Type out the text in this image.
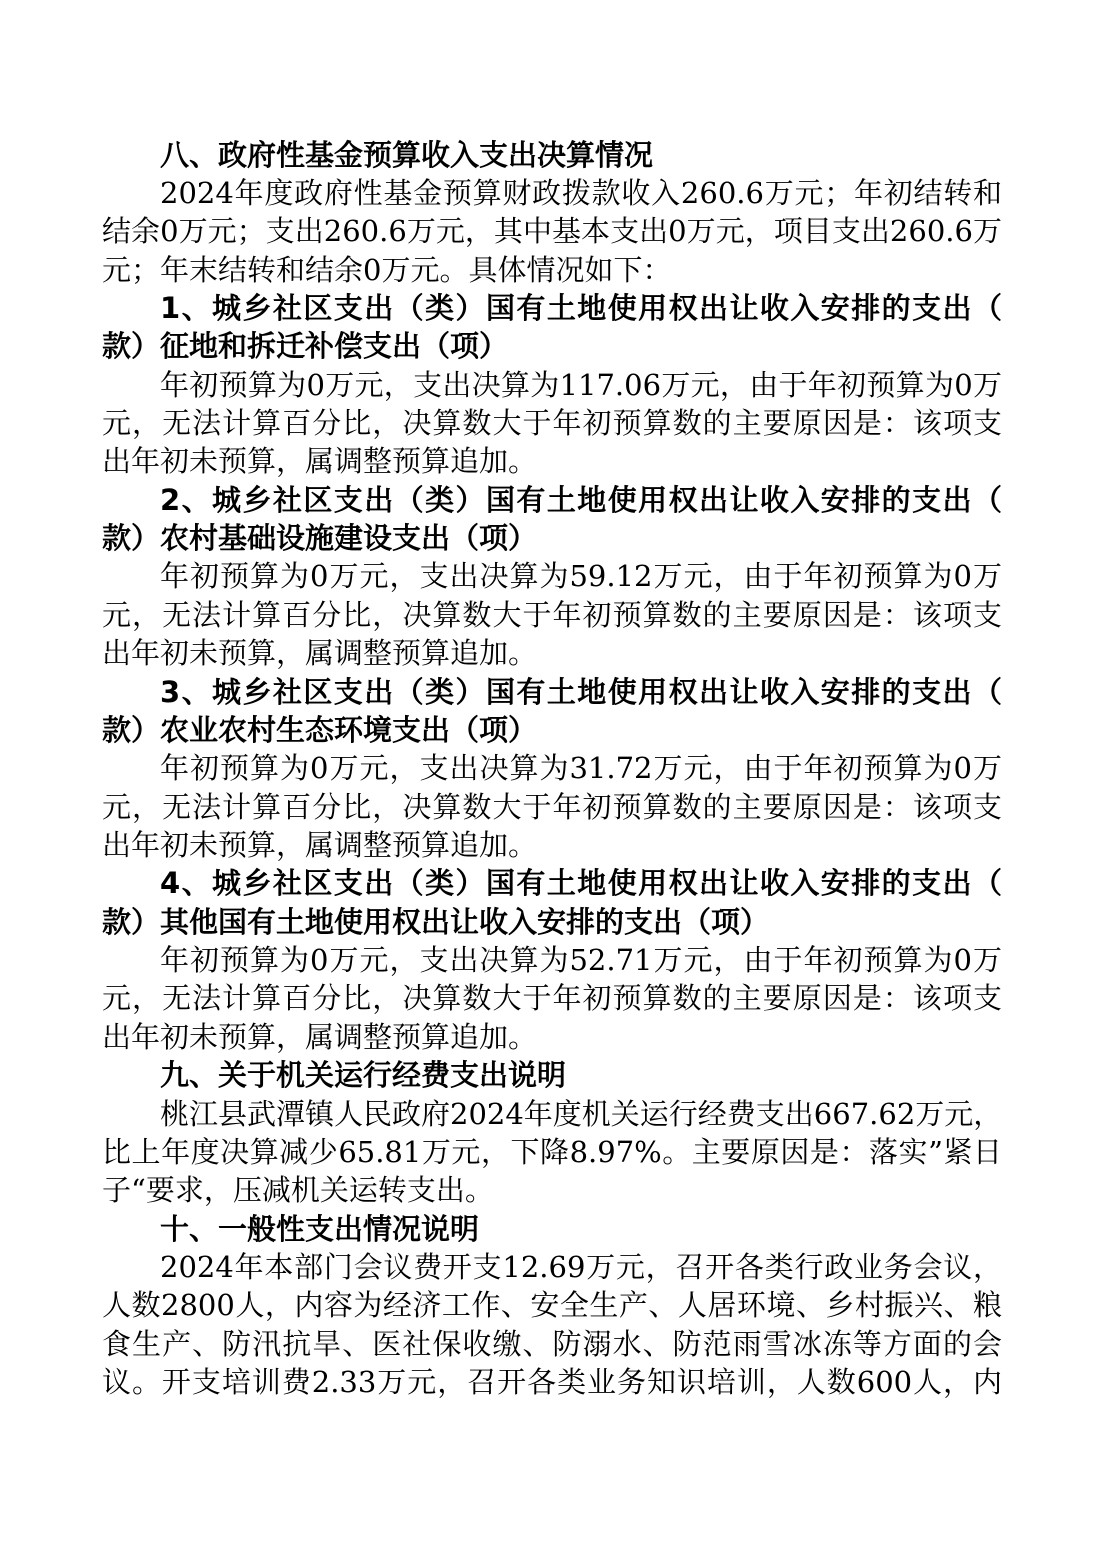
八、政府性基金预算收入支出决算情况
2024年度政府性基金预算财政拨款收入260.6万元；年初结转和
结余0万元；支出260.6万元，其中基本支出0万元，项目支出260.6万
元；年末结转和结余0万元。具体情况如下：
1、城乡社区支出（类）国有土地使用权出让收入安排的支出（
款）征地和拆迁补偿支出（项）
年初预算为0万元，支出决算为117.06万元，由于年初预算为0万
元，无法计算百分比，决算数大于年初预算数的主要原因是：该项支
出年初未预算，属调整预算追加。
2、城乡社区支出（类）国有土地使用权出让收入安排的支出（
款）农村基础设施建设支出（项）
年初预算为0万元，支出决算为59.12万元，由于年初预算为0万
元，无法计算百分比，决算数大于年初预算数的主要原因是：该项支
出年初未预算，属调整预算追加。
3、城乡社区支出（类）国有土地使用权出让收入安排的支出（
款）农业农村生态环境支出（项）
年初预算为0万元，支出决算为31.72万元，由于年初预算为0万
元，无法计算百分比，决算数大于年初预算数的主要原因是：该项支
出年初未预算，属调整预算追加。
4、城乡社区支出（类）国有土地使用权出让收入安排的支出（
款）其他国有土地使用权出让收入安排的支出（项）
年初预算为0万元，支出决算为52.71万元，由于年初预算为0万
元，无法计算百分比，决算数大于年初预算数的主要原因是：该项支
出年初未预算，属调整预算追加。
九、关于机关运行经费支出说明
桃江县武潭镇人民政府2024年度机关运行经费支出667.62万元，
比上年度决算减少65.81万元，下降8.97%。主要原因是：落实”紧日
子“要求，压减机关运转支出。
十、一般性支出情况说明
2024年本部门会议费开支12.69万元，召开各类行政业务会议，
人数2800人，内容为经济工作、安全生产、人居环境、乡村振兴、粮
食生产、防汛抗旱、医社保收缴、防溺水、防范雨雪冰冻等方面的会
议。开支培训费2.33万元，召开各类业务知识培训，人数600人，内
